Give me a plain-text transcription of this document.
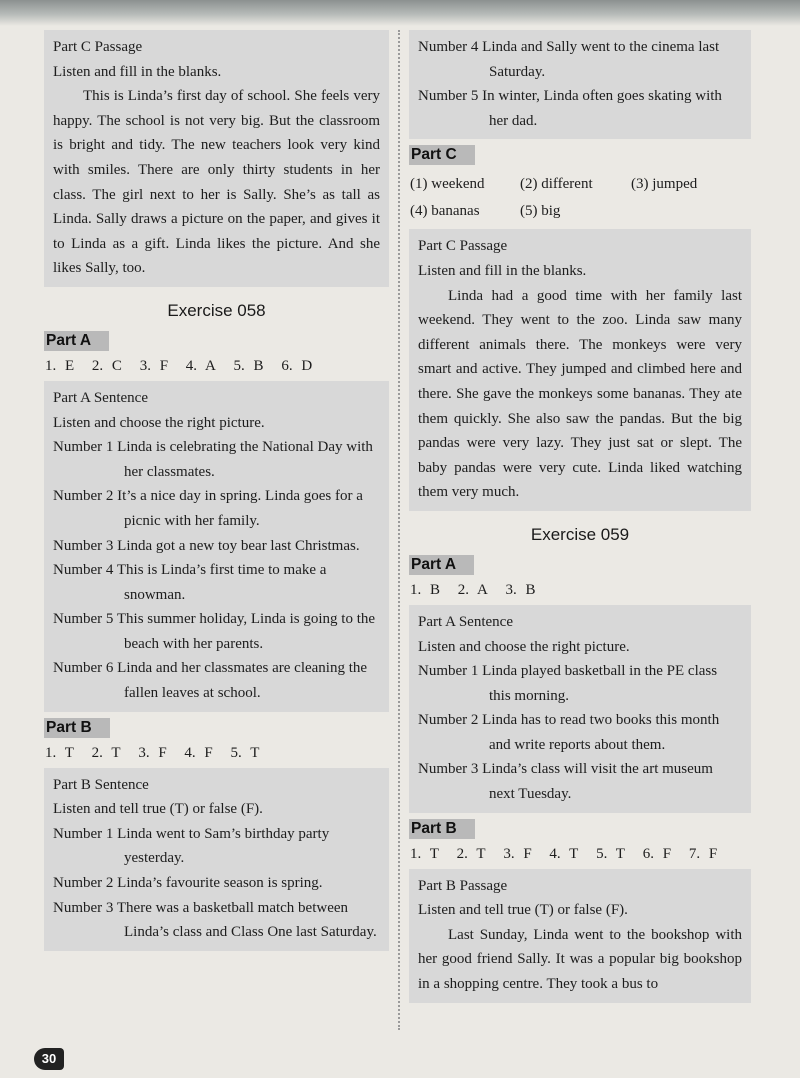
Part C Passage

Listen and fill in the blanks.

This is Linda’s first day of school. She feels very happy. The school is not very big. But the classroom is bright and tidy. The new teachers look very kind with smiles. There are only thirty students in her class. The girl next to her is Sally. She’s as tall as Linda. Sally draws a picture on the paper, and gives it to Linda as a gift. Linda likes the picture. And she likes Sally, too.

Exercise 058
Part A
1. E 2. C 3. F 4. A 5. B 6. D

Part A Sentence

Listen and choose the right picture.

Number 1 Linda is celebrating the National Day with her classmates.

Number 2 It’s a nice day in spring. Linda goes for a picnic with her family.

Number 3 Linda got a new toy bear last Christmas.

Number 4 This is Linda’s first time to make a snowman.

Number 5 This summer holiday, Linda is going to the beach with her parents.

Number 6 Linda and her classmates are cleaning the fallen leaves at school.

Part B
1. T 2. T 3. F 4. F 5. T

Part B Sentence

Listen and tell true (T) or false (F).

Number 1 Linda went to Sam’s birthday party yesterday.

Number 2 Linda’s favourite season is spring.

Number 3 There was a basketball match between Linda’s class and Class One last Saturday.

Number 4 Linda and Sally went to the cinema last Saturday.

Number 5 In winter, Linda often goes skating with her dad.

Part C
(1) weekend	(2) different	(3) jumped
(4) bananas	(5) big

Part C Passage

Listen and fill in the blanks.

Linda had a good time with her family last weekend. They went to the zoo. Linda saw many different animals there. The monkeys were very smart and active. They jumped and climbed here and there. She gave the monkeys some bananas. They ate them quickly. She also saw the pandas. But the big pandas were very lazy. They just sat or slept. The baby pandas were very cute. Linda liked watching them very much.

Exercise 059
Part A
1. B 2. A 3. B

Part A Sentence

Listen and choose the right picture.

Number 1 Linda played basketball in the PE class this morning.

Number 2 Linda has to read two books this month and write reports about them.

Number 3 Linda’s class will visit the art museum next Tuesday.

Part B
1. T 2. T 3. F 4. T 5. T 6. F 7. F

Part B Passage

Listen and tell true (T) or false (F).

Last Sunday, Linda went to the bookshop with her good friend Sally. It was a popular big bookshop in a shopping centre. They took a bus to

30
